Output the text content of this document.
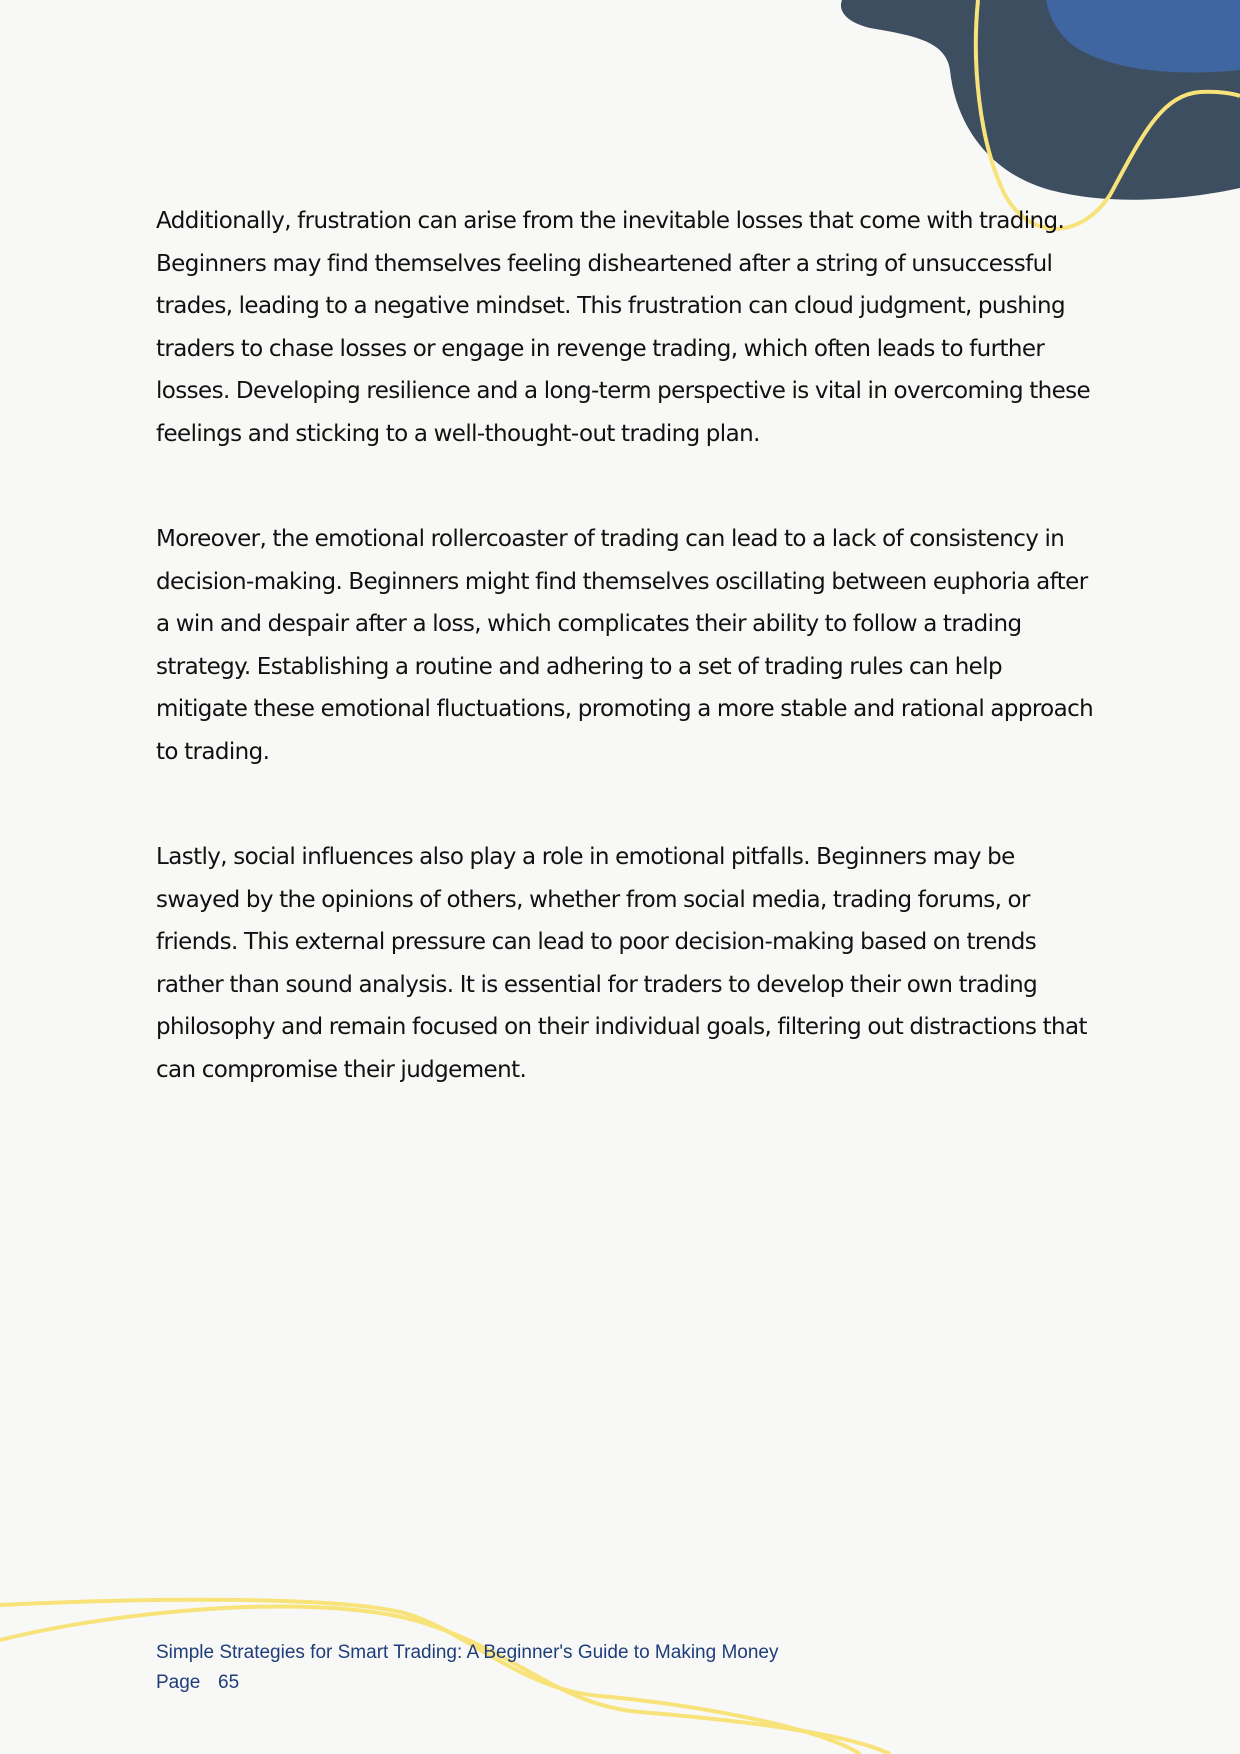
Additionally, frustration can arise from the inevitable losses that come with trading. Beginners may find themselves feeling disheartened after a string of unsuccessful trades, leading to a negative mindset. This frustration can cloud judgment, pushing traders to chase losses or engage in revenge trading, which often leads to further losses. Developing resilience and a long-term perspective is vital in overcoming these feelings and sticking to a well-thought-out trading plan.

Moreover, the emotional rollercoaster of trading can lead to a lack of consistency in decision-making. Beginners might find themselves oscillating between euphoria after a win and despair after a loss, which complicates their ability to follow a trading strategy. Establishing a routine and adhering to a set of trading rules can help mitigate these emotional fluctuations, promoting a more stable and rational approach to trading.

Lastly, social influences also play a role in emotional pitfalls. Beginners may be swayed by the opinions of others, whether from social media, trading forums, or friends. This external pressure can lead to poor decision-making based on trends rather than sound analysis. It is essential for traders to develop their own trading philosophy and remain focused on their individual goals, filtering out distractions that can compromise their judgement.

Simple Strategies for Smart Trading: A Beginner's Guide to Making Money
Page 65
